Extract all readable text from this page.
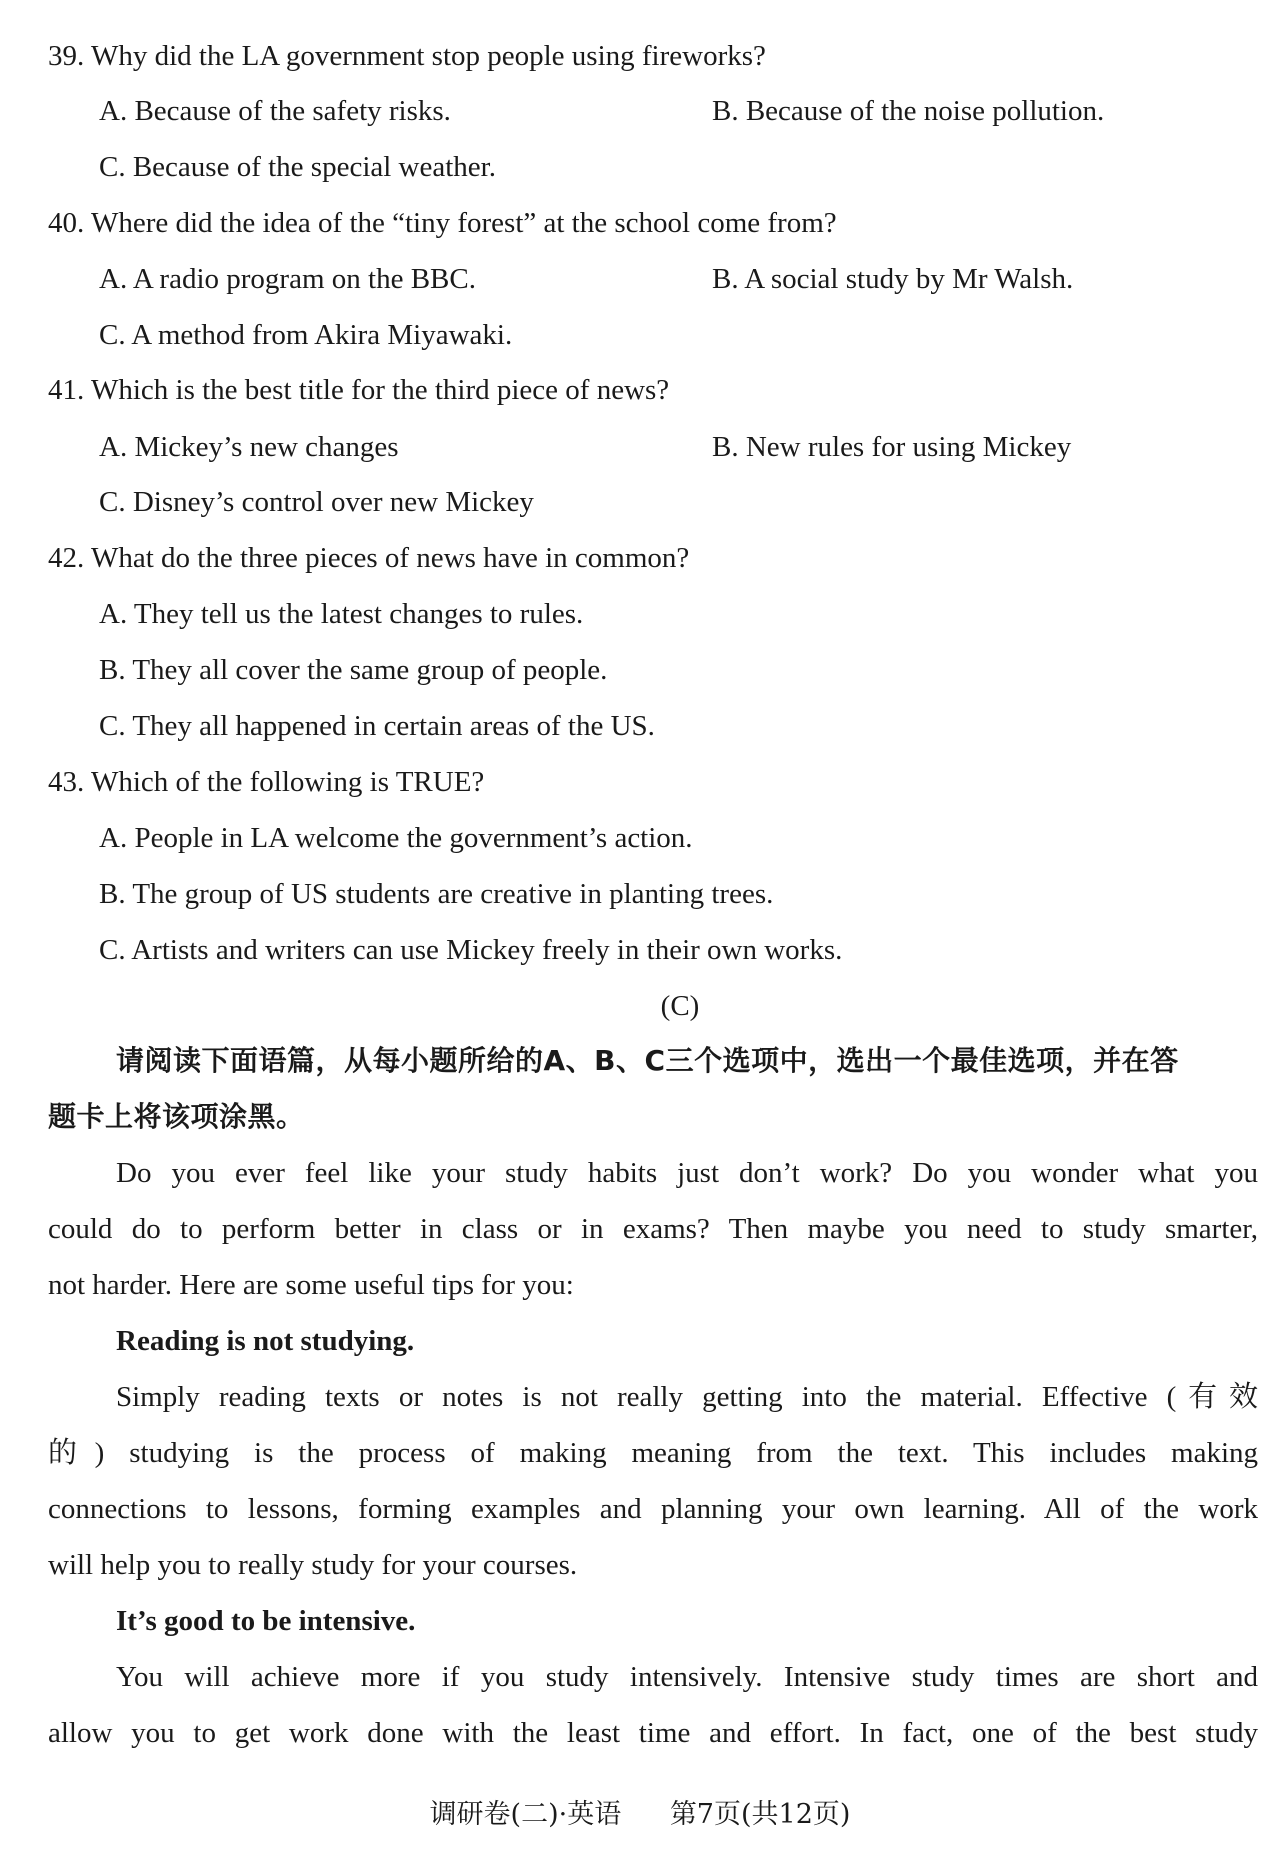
39. Why did the LA government stop people using fireworks?
A. Because of the safety risks.	B. Because of the noise pollution.
C. Because of the special weather.
40. Where did the idea of the “tiny forest” at the school come from?
A. A radio program on the BBC.	B. A social study by Mr Walsh.
C. A method from Akira Miyawaki.
41. Which is the best title for the third piece of news?
A. Mickey’s new changes	B. New rules for using Mickey
C. Disney’s control over new Mickey
42. What do the three pieces of news have in common?
A. They tell us the latest changes to rules.
B. They all cover the same group of people.
C. They all happened in certain areas of the US.
43. Which of the following is TRUE?
A. People in LA welcome the government’s action.
B. The group of US students are creative in planting trees.
C. Artists and writers can use Mickey freely in their own works.
(C)
请阅读下面语篇，从每小题所给的A、B、C三个选项中，选出一个最佳选项，并在答
题卡上将该项涂黑。
Do you ever feel like your study habits just don’t work? Do you wonder what you
could do to perform better in class or in exams? Then maybe you need to study smarter,
not harder. Here are some useful tips for you:
Reading is not studying.
Simply reading texts or notes is not really getting into the material. Effective (有效
的) studying is the process of making meaning from the text. This includes making
connections to lessons, forming examples and planning your own learning. All of the work
will help you to really study for your courses.
It’s good to be intensive.
You will achieve more if you study intensively. Intensive study times are short and
allow you to get work done with the least time and effort. In fact, one of the best study
调研卷(二)·英语 第7页(共12页)
